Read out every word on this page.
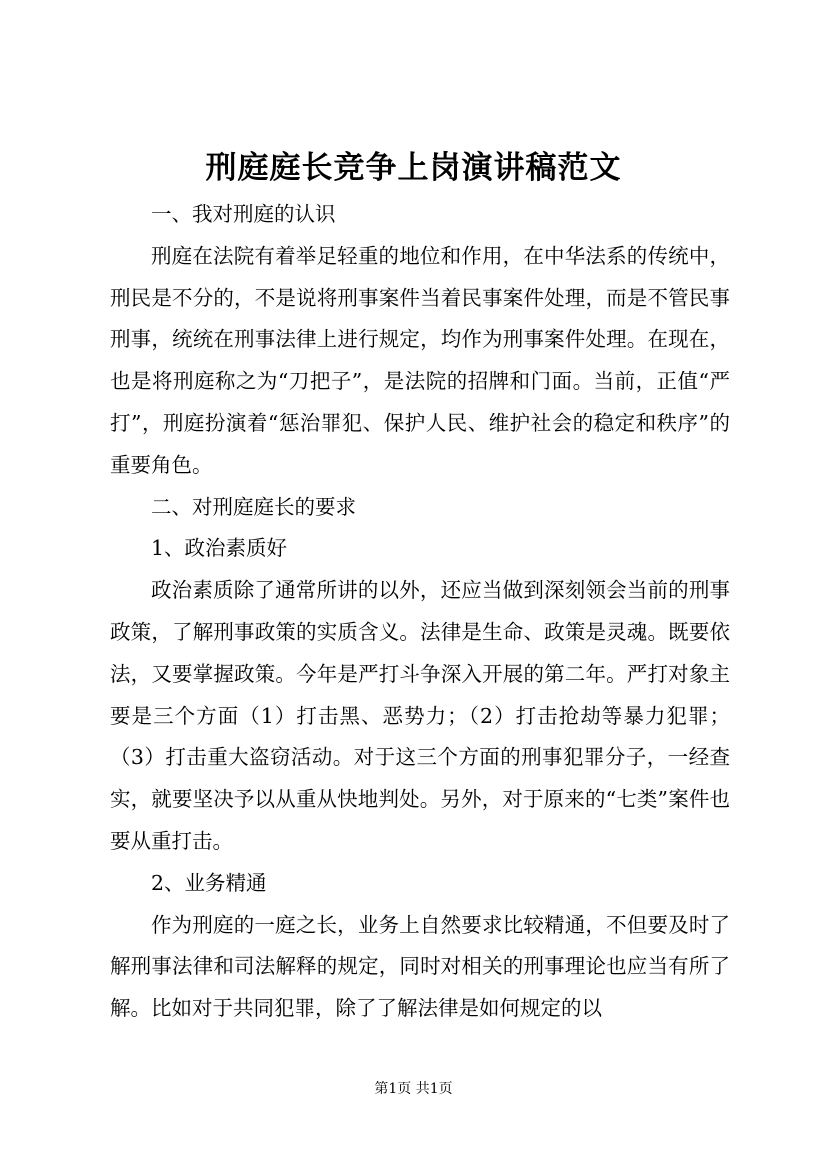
刑庭庭长竞争上岗演讲稿范文

一、我对刑庭的认识

刑庭在法院有着举足轻重的地位和作用，在中华法系的传统中，刑民是不分的，不是说将刑事案件当着民事案件处理，而是不管民事刑事，统统在刑事法律上进行规定，均作为刑事案件处理。在现在，也是将刑庭称之为“刀把子”，是法院的招牌和门面。当前，正值“严打”，刑庭扮演着“惩治罪犯、保护人民、维护社会的稳定和秩序”的重要角色。

二、对刑庭庭长的要求

1、政治素质好

政治素质除了通常所讲的以外，还应当做到深刻领会当前的刑事政策，了解刑事政策的实质含义。法律是生命、政策是灵魂。既要依法，又要掌握政策。今年是严打斗争深入开展的第二年。严打对象主要是三个方面（1）打击黑、恶势力；（2）打击抢劫等暴力犯罪；（3）打击重大盗窃活动。对于这三个方面的刑事犯罪分子，一经查实，就要坚决予以从重从快地判处。另外，对于原来的“七类”案件也要从重打击。

2、业务精通

作为刑庭的一庭之长，业务上自然要求比较精通，不但要及时了解刑事法律和司法解释的规定，同时对相关的刑事理论也应当有所了解。比如对于共同犯罪，除了了解法律是如何规定的以

第1页 共1页
